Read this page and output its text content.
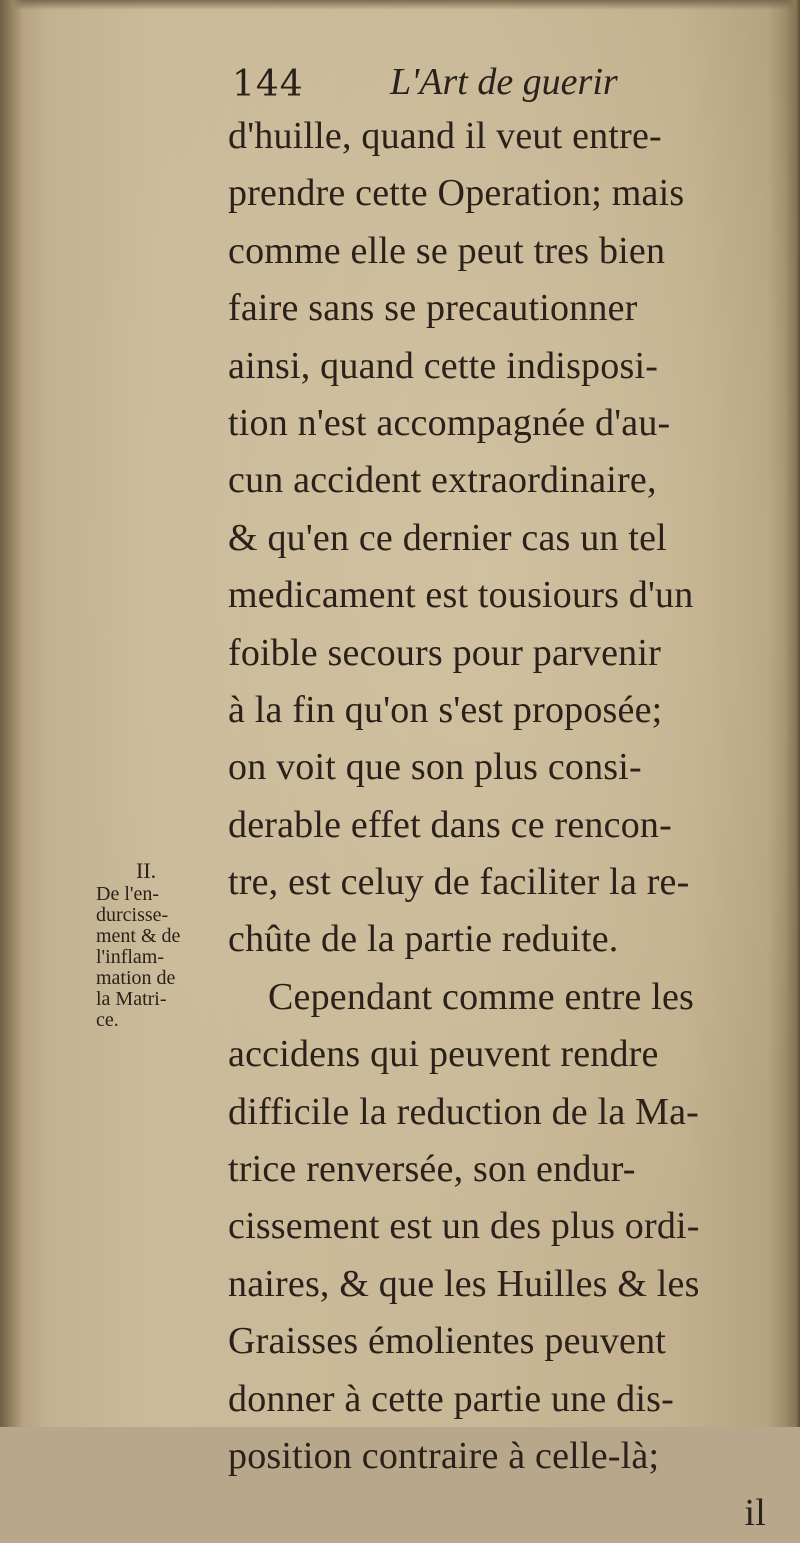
144 L'Art de guerir
d'huille, quand il veut entre-
prendre cette Operation; mais
comme elle se peut tres bien
faire sans se precautionner
ainsi, quand cette indisposi-
tion n'est accompagnée d'au-
cun accident extraordinaire,
& qu'en ce dernier cas un tel
medicament est tousiours d'un
foible secours pour parvenir
à la fin qu'on s'est proposée;
on voit que son plus consi-
derable effet dans ce rencon-
tre, est celuy de faciliter la re-
chûte de la partie reduite.
Cependant comme entre les
accidens qui peuvent rendre
difficile la reduction de la Ma-
trice renversée, son endur-
cissement est un des plus ordi-
naires, & que les Huilles & les
Graisses émolientes peuvent
donner à cette partie une dis-
position contraire à celle-là;
il
II.
De l'en-
durcisse-
ment & de
l'inflam-
mation de
la Matri-
ce.
